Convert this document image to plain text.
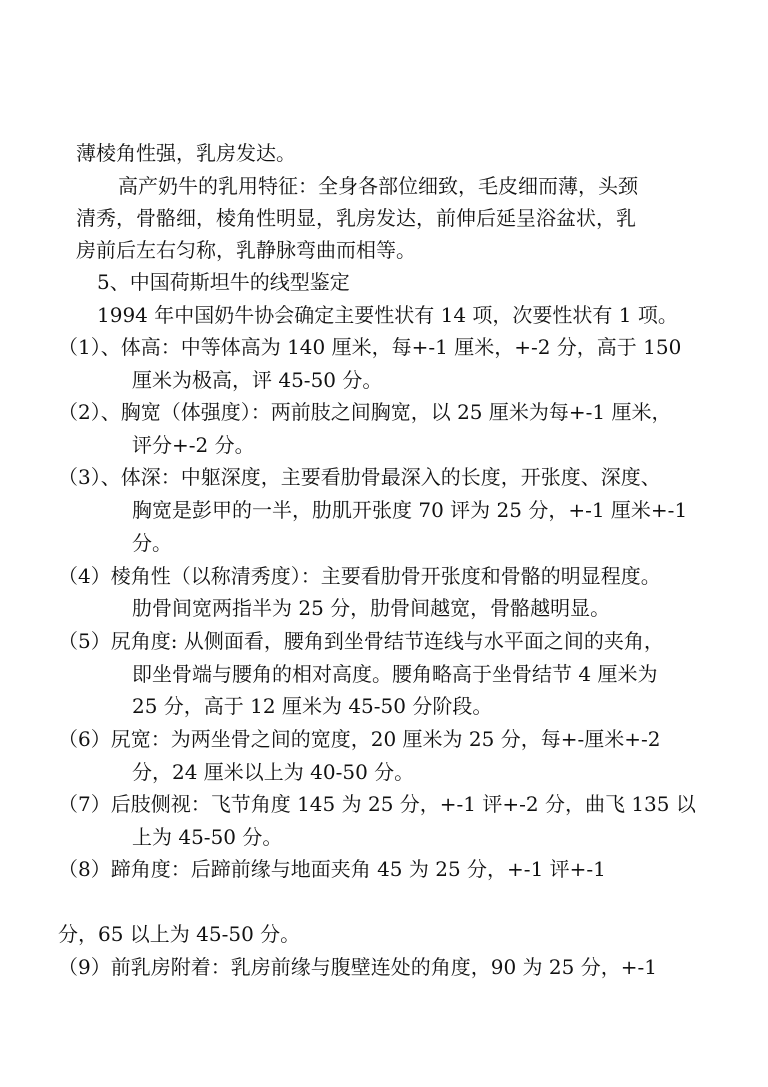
薄棱角性强，乳房发达。
高产奶牛的乳用特征：全身各部位细致，毛皮细而薄，头颈
清秀，骨骼细，棱角性明显，乳房发达，前伸后延呈浴盆状，乳
房前后左右匀称，乳静脉弯曲而相等。
5、中国荷斯坦牛的线型鉴定
1994 年中国奶牛协会确定主要性状有 14 项，次要性状有 1 项。
（1）、体高：中等体高为 140 厘米，每+-1 厘米，+-2 分，高于 150
厘米为极高，评 45-50 分。
（2）、胸宽（体强度）：两前肢之间胸宽，以 25 厘米为每+-1 厘米，
评分+-2 分。
（3）、体深：中躯深度，主要看肋骨最深入的长度，开张度、深度、
胸宽是彭甲的一半，肋肌开张度 70 评为 25 分，+-1 厘米+-1
分。
（4）棱角性（以称清秀度）：主要看肋骨开张度和骨骼的明显程度。
肋骨间宽两指半为 25 分，肋骨间越宽，骨骼越明显。
（5）尻角度: 从侧面看，腰角到坐骨结节连线与水平面之间的夹角，
即坐骨端与腰角的相对高度。腰角略高于坐骨结节 4 厘米为
25 分，高于 12 厘米为 45-50 分阶段。
（6）尻宽：为两坐骨之间的宽度，20 厘米为 25 分，每+-厘米+-2
分，24 厘米以上为 40-50 分。
（7）后肢侧视：飞节角度 145 为 25 分，+-1 评+-2 分，曲飞 135 以
上为 45-50 分。
（8）蹄角度：后蹄前缘与地面夹角 45 为 25 分，+-1 评+-1
分，65 以上为 45-50 分。
（9）前乳房附着：乳房前缘与腹壁连处的角度，90 为 25 分，+-1
